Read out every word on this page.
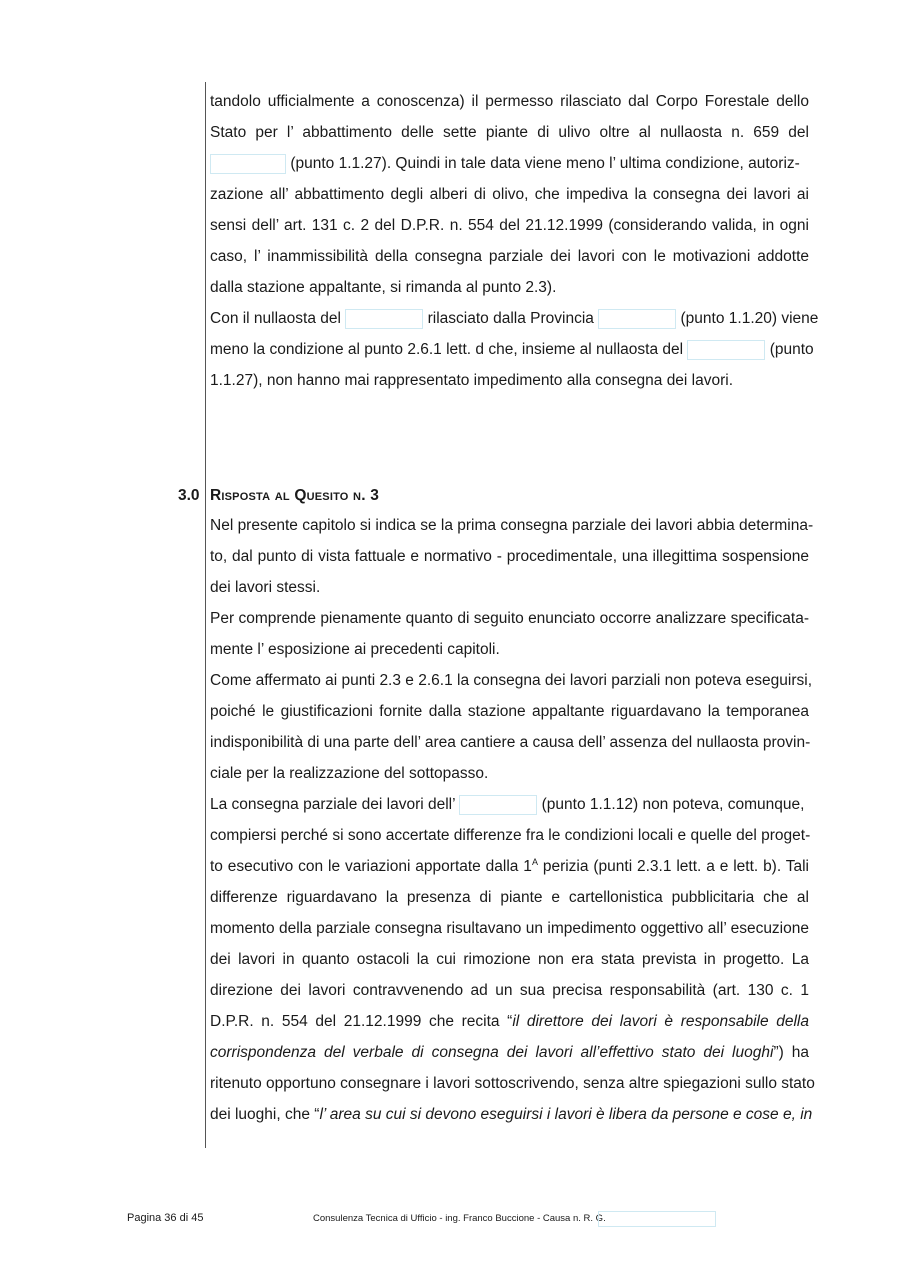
tandolo ufficialmente a conoscenza) il permesso rilasciato dal Corpo Forestale dello
Stato per l’ abbattimento delle sette piante di ulivo oltre al nullaosta n. 659 del
(punto 1.1.27). Quindi in tale data viene meno l’ ultima condizione, autoriz-
zazione all’ abbattimento degli alberi di olivo, che impediva la consegna dei lavori ai
sensi dell’ art. 131 c. 2 del D.P.R. n. 554 del 21.12.1999 (considerando valida, in ogni
caso, l’ inammissibilità della consegna parziale dei lavori con le motivazioni addotte
dalla stazione appaltante, si rimanda al punto 2.3).
Con il nullaosta del	rilasciato dalla Provincia	(punto 1.1.20) viene
meno la condizione al punto 2.6.1 lett. d che, insieme al nullaosta del	(punto
1.1.27), non hanno mai rappresentato impedimento alla consegna dei lavori.
3.0 Risposta al Quesito n. 3
Nel presente capitolo si indica se la prima consegna parziale dei lavori abbia determina-
to, dal punto di vista fattuale e normativo - procedimentale, una illegittima sospensione
dei lavori stessi.
Per comprende pienamente quanto di seguito enunciato occorre analizzare specificata-
mente l’ esposizione ai precedenti capitoli.
Come affermato ai punti 2.3 e 2.6.1 la consegna dei lavori parziali non poteva eseguirsi,
poiché le giustificazioni fornite dalla stazione appaltante riguardavano la temporanea
indisponibilità di una parte dell’ area cantiere a causa dell’ assenza del nullaosta provin-
ciale per la realizzazione del sottopasso.
La consegna parziale dei lavori dell’	(punto 1.1.12) non poteva, comunque,
compiersi perché si sono accertate differenze fra le condizioni locali e quelle del proget-
to esecutivo con le variazioni apportate dalla $1^A$ perizia (punti 2.3.1 lett. a e lett. b). Tali
differenze riguardavano la presenza di piante e cartellonistica pubblicitaria che al
momento della parziale consegna risultavano un impedimento oggettivo all’ esecuzione
dei lavori in quanto ostacoli la cui rimozione non era stata prevista in progetto. La
direzione dei lavori contravvenendo ad un sua precisa responsabilità (art. 130 c. 1
D.P.R. n. 554 del 21.12.1999 che recita “il direttore dei lavori è responsabile della
corrispondenza del verbale di consegna dei lavori all’effettivo stato dei luoghi”) ha
ritenuto opportuno consegnare i lavori sottoscrivendo, senza altre spiegazioni sullo stato
dei luoghi, che “l’ area su cui si devono eseguirsi i lavori è libera da persone e cose e, in
Pagina 36 di 45	Consulenza Tecnica di Ufficio - ing. Franco Buccione - Causa n. R. G.
